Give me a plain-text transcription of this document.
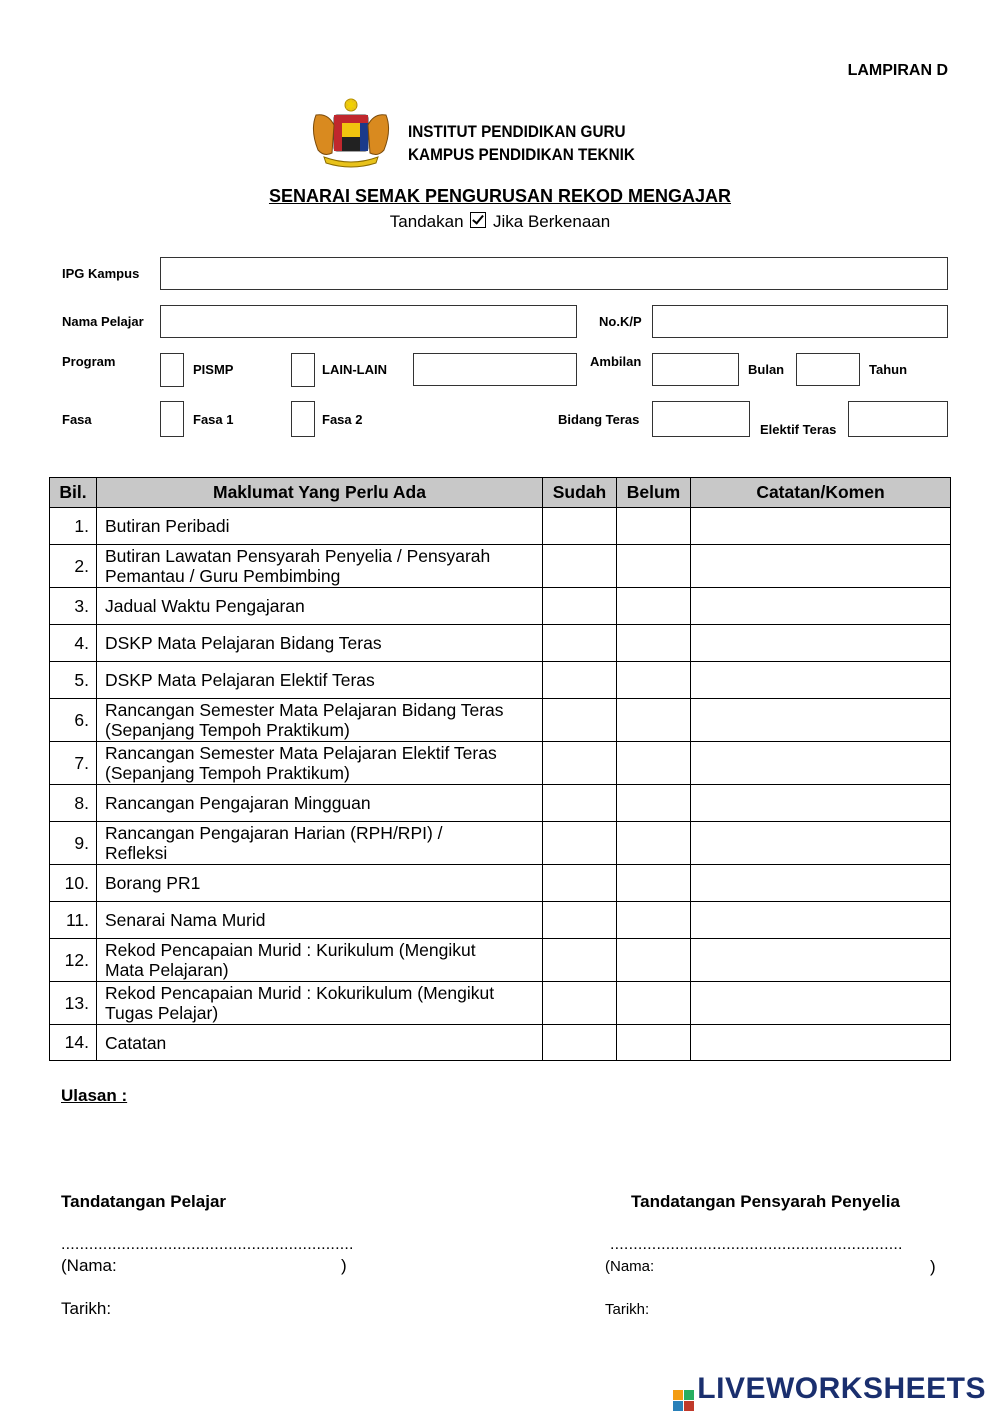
LAMPIRAN D
INSTITUT PENDIDIKAN GURU
KAMPUS PENDIDIKAN TEKNIK
SENARAI SEMAK PENGURUSAN REKOD MENGAJAR
Tandakan Jika Berkenaan
IPG Kampus
Nama Pelajar	No.K/P
Program
PISMP	LAIN-LAIN
Ambilan
Bulan	Tahun
Fasa	Fasa 1	Fasa 2	Bidang Teras
Elektif Teras
Bil.	Maklumat Yang Perlu Ada	Sudah	Belum	Catatan/Komen
1.	Butiran Peribadi			

2.	Butiran Lawatan Pensyarah Penyelia / Pensyarah
Pemantau / Guru Pembimbing			

3.	Jadual Waktu Pengajaran			

4.	DSKP Mata Pelajaran Bidang Teras			

5.	DSKP Mata Pelajaran Elektif Teras			

6.	Rancangan Semester Mata Pelajaran Bidang Teras
(Sepanjang Tempoh Praktikum)			

7.	Rancangan Semester Mata Pelajaran Elektif Teras
(Sepanjang Tempoh Praktikum)			

8.	Rancangan Pengajaran Mingguan			

9.	Rancangan Pengajaran Harian (RPH/RPI) /
Refleksi			

10.	Borang PR1			

11.	Senarai Nama Murid			

12.	Rekod Pencapaian Murid : Kurikulum (Mengikut
Mata Pelajaran)			

13.	Rekod Pencapaian Murid : Kokurikulum (Mengikut
Tugas Pelajar)			

14.	Catatan			

Ulasan :
Tandatangan Pelajar	Tandatangan Pensyarah Penyelia
...............................................................	...............................................................
(Nama:	)	(Nama:	)
Tarikh:	Tarikh:
LIVEWORKSHEETS
